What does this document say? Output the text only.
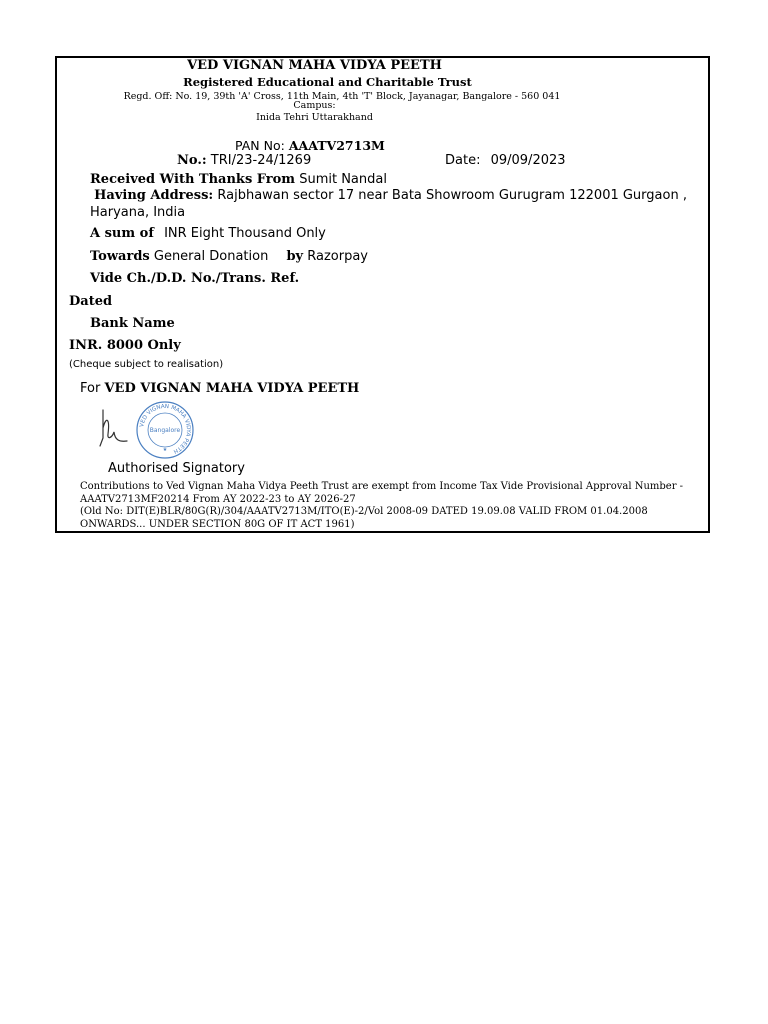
VED VIGNAN MAHA VIDYA PEETH
Registered Educational and Charitable Trust
Regd. Off: No. 19, 39th 'A' Cross, 11th Main, 4th 'T' Block, Jayanagar, Bangalore - 560 041
Campus:
Inida Tehri Uttarakhand
PAN No: AAATV2713M
No.: TRI/23-24/1269	Date: 09/09/2023
Received With Thanks From Sumit Nandal
Having Address: Rajbhawan sector 17 near Bata Showroom Gurugram 122001 Gurgaon , Haryana, India
A sum of INR Eight Thousand Only
Towards General Donation by Razorpay
Vide Ch./D.D. No./Trans. Ref.
Dated
Bank Name
INR. 8000 Only
(Cheque subject to realisation)
For VED VIGNAN MAHA VIDYA PEETH
VED VIGNAN MAHA VIDYA PEETH
Bangalore
★
Authorised Signatory
Contributions to Ved Vignan Maha Vidya Peeth Trust are exempt from Income Tax Vide Provisional Approval Number - AAATV2713MF20214 From AY 2022-23 to AY 2026-27
(Old No: DIT(E)BLR/80G(R)/304/AAATV2713M/ITO(E)-2/Vol 2008-09 DATED 19.09.08 VALID FROM 01.04.2008 ONWARDS... UNDER SECTION 80G OF IT ACT 1961)
